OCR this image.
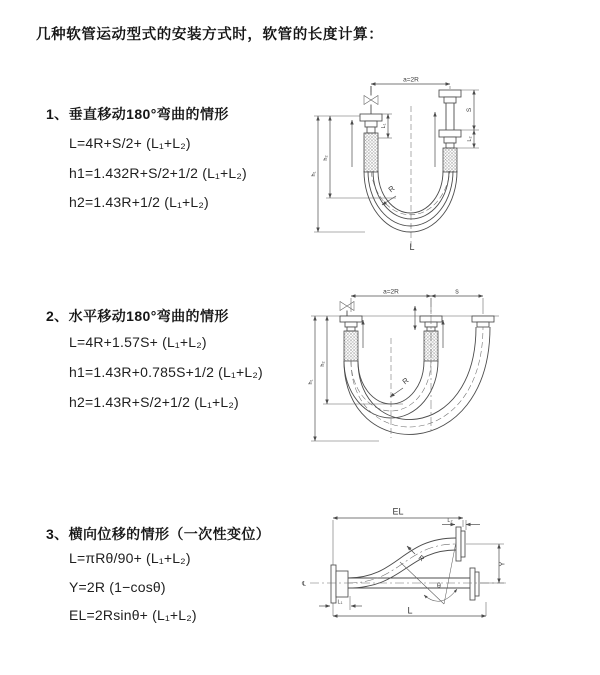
几种软管运动型式的安装方式时，软管的长度计算：
1、垂直移动180°弯曲的情形
L=4R+S/2+ (L₁+L₂)
h1=1.432R+S/2+1/2 (L₁+L₂)
h2=1.43R+1/2 (L₁+L₂)
2、水平移动180°弯曲的情形
L=4R+1.57S+ (L₁+L₂)
h1=1.43R+0.785S+1/2 (L₁+L₂)
h2=1.43R+S/2+1/2 (L₁+L₂)
3、横向位移的情形（一次性变位）
L=πRθ/90+ (L₁+L₂)
Y=2R (1−cosθ)
EL=2Rsinθ+ (L₁+L₂)
a=2R
L₁
S
L₂
h₁
h₂
R
L
a=2R	s
h₁
h₂
R
EL
L₂
℄
Y
θ
R
L₁
L
